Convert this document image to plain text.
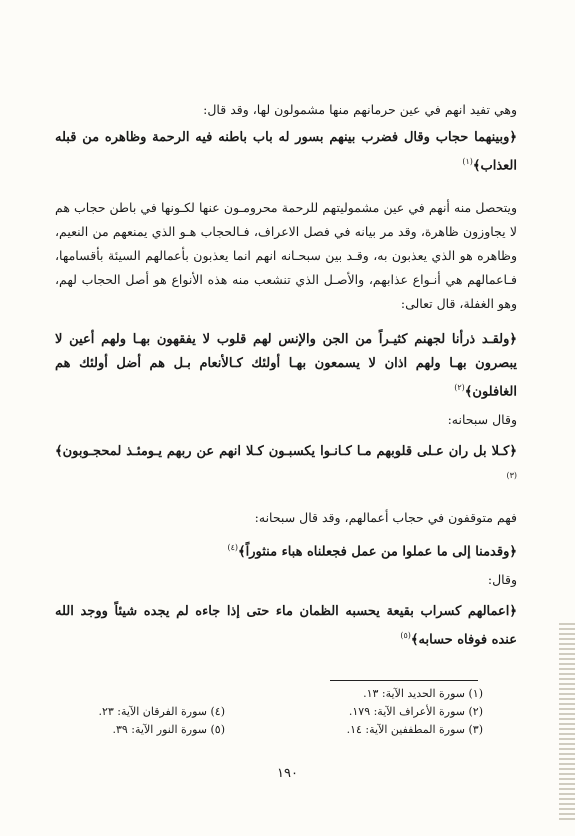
وهي تفيد انهم في عين حرمانهم منها مشمولون لها، وقد قال:

﴿وبينهما حجاب وقال فضرب بينهم بسور له باب باطنه فيه الرحمة وظاهره من قبله العذاب﴾$^{(١)}$

ويتحصل منه أنهم في عين مشموليتهم للرحمة محرومـون عنها لكـونها في باطن حجاب هم لا يجاوزون ظاهرة، وقد مر بيانه في فصل الاعراف، فـالحجاب هـو الذي يمنعهم من النعيم، وظاهره هو الذي يعذبون به، وقـد بين سبحـانه انهم انما يعذبون بأعمالهم السيئة بأقسامها، فـاعمالهم هي أنـواع عذابهم، والأصـل الذي تنشعب منه هذه الأنواع هو أصل الحجاب لهم، وهو الغفلة، قال تعالى:

﴿ولقـد ذرأنا لجهنم كثيـراً من الجن والإنس لهم قلوب لا يفقهون بهـا ولهم أعين لا يبصرون بهـا ولهم اذان لا يسمعون بهـا أولئك كـالأنعام بـل هم أضل أولئك هم الغافلون﴾$^{(٢)}$

وقال سبحانه:

﴿كـلا بل ران عـلى قلوبهم مـا كـانـوا يكسبـون كـلا انهم عن ربهم يـومئـذ لمحجـوبون﴾$^{(٣)}$

فهم متوقفون في حجاب أعمالهم، وقد قال سبحانه:

﴿وقدمنا إلى ما عملوا من عمل فجعلناه هباء منثوراً﴾$^{(٤)}$

وقال:

﴿اعمالهم كسراب بقيعة يحسبه الظمان ماء حتى إذا جاءه لم يجده شيئاً ووجد الله عنده فوفاه حسابه﴾$^{(٥)}$

(١) سورة الحديد الآية: ١٣.
(٢) سورة الأعراف الآية: ١٧٩.
(٣) سورة المطففين الآية: ١٤.
(٤) سورة الفرقان الآية: ٢٣.
(٥) سورة النور الآية: ٣٩.
١٩٠
